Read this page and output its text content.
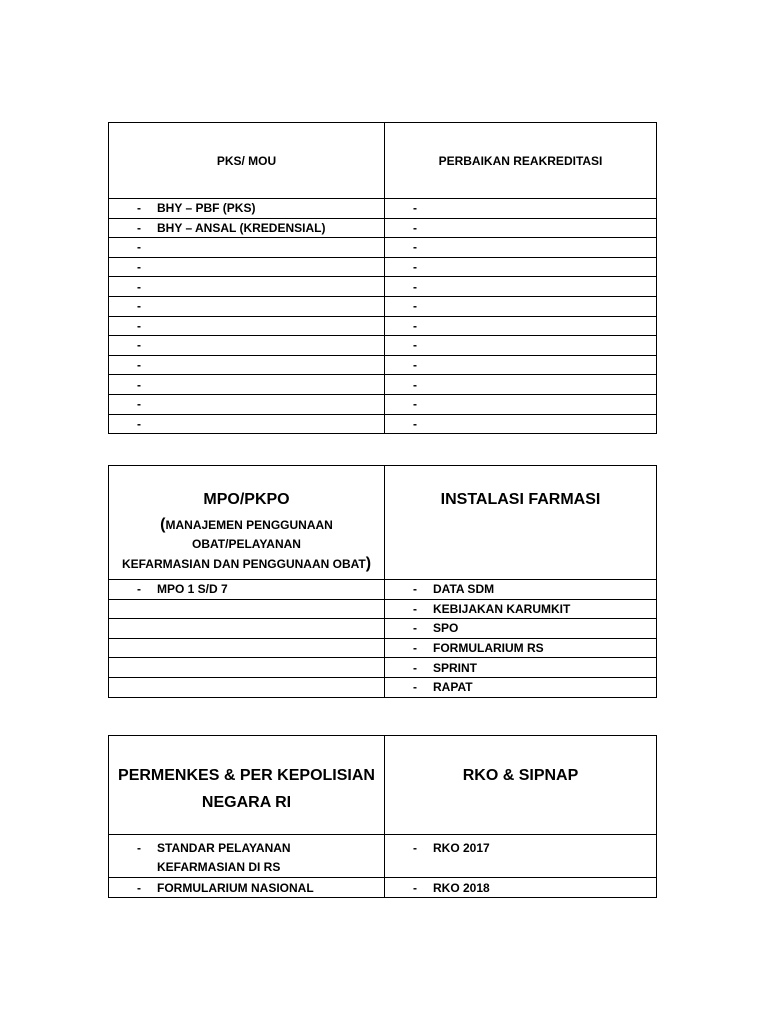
PKS/ MOU	PERBAIKAN REAKREDITASI

- BHY – PBF (PKS)	-

- BHY – ANSAL (KREDENSIAL)	-

-	-

-	-

-	-

-	-

-	-

-	-

-	-

-	-

-	-

-	-
MPO/PKPO
(MANAJEMEN PENGGUNAAN
OBAT/PELAYANAN
KEFARMASIAN DAN PENGGUNAAN OBAT)	INSTALASI FARMASI

- MPO 1 S/D 7	- DATA SDM

	- KEBIJAKAN KARUMKIT

	- SPO

	- FORMULARIUM RS

	- SPRINT

	- RAPAT
PERMENKES & PER KEPOLISIAN
NEGARA RI	RKO & SIPNAP

- STANDAR PELAYANAN KEFARMASIAN DI RS	- RKO 2017

- FORMULARIUM NASIONAL	- RKO 2018
